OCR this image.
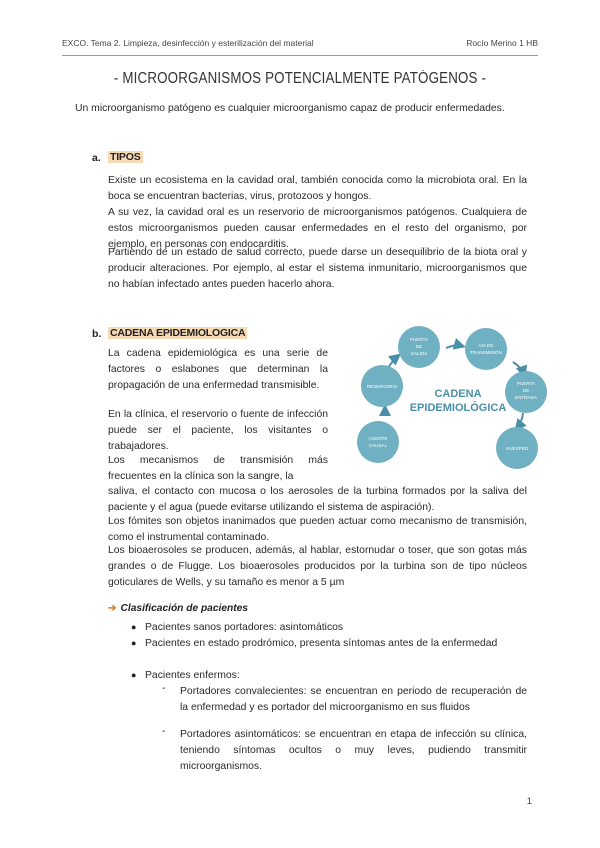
EXCO. Tema 2. Limpieza, desinfección y esterilización del material	Rocío Merino 1 HB
- MICROORGANISMOS POTENCIALMENTE PATÓGENOS -
Un microorganismo patógeno es cualquier microorganismo capaz de producir enfermedades.
a. TIPOS
Existe un ecosistema en la cavidad oral, también conocida como la microbiota oral. En la boca se encuentran bacterias, virus, protozoos y hongos.
A su vez, la cavidad oral es un reservorio de microorganismos patógenos. Cualquiera de estos microorganismos pueden causar enfermedades en el resto del organismo, por ejemplo, en personas con endocarditis.
Partiendo de un estado de salud correcto, puede darse un desequilibrio de la biota oral y producir alteraciones. Por ejemplo, al estar el sistema inmunitario, microorganismos que no habían infectado antes pueden hacerlo ahora.
b. CADENA EPIDEMIOLOGICA
La cadena epidemiológica es una serie de factores o eslabones que determinan la propagación de una enfermedad transmisible.
En la clínica, el reservorio o fuente de infección puede ser el paciente, los visitantes o trabajadores.
Los mecanismos de transmisión más frecuentes en la clínica son la sangre, la
saliva, el contacto con mucosa o los aerosoles de la turbina formados por la saliva del paciente y el agua (puede evitarse utilizando el sistema de aspiración).
Los fómites son objetos inanimados que pueden actuar como mecanismo de transmisión, como el instrumental contaminado.
Los bioaerosoles se producen, además, al hablar, estornudar o toser, que son gotas más grandes o de Flugge. Los bioaerosoles producidos por la turbina son de tipo núcleos goticulares de Wells, y su tamaño es menor a 5 µm
PUERTA
DE
SALIDA
VÍA DE
TRANSMISIÓN
PUERTA
DE
ENTRADA
HUÉSPED
AGENTE
CAUSAL
RESERVORIO
CADENA
EPIDEMIOLÓGICA
➔ Clasificación de pacientes
● Pacientes sanos portadores: asintomáticos
● Pacientes en estado prodrómico, presenta síntomas antes de la enfermedad
● Pacientes enfermos:
- Portadores convalecientes: se encuentran en periodo de recuperación de la enfermedad y es portador del microorganismo en sus fluidos
- Portadores asintomáticos: se encuentran en etapa de infección su clínica, teniendo síntomas ocultos o muy leves, pudiendo transmitir microorganismos.
1
